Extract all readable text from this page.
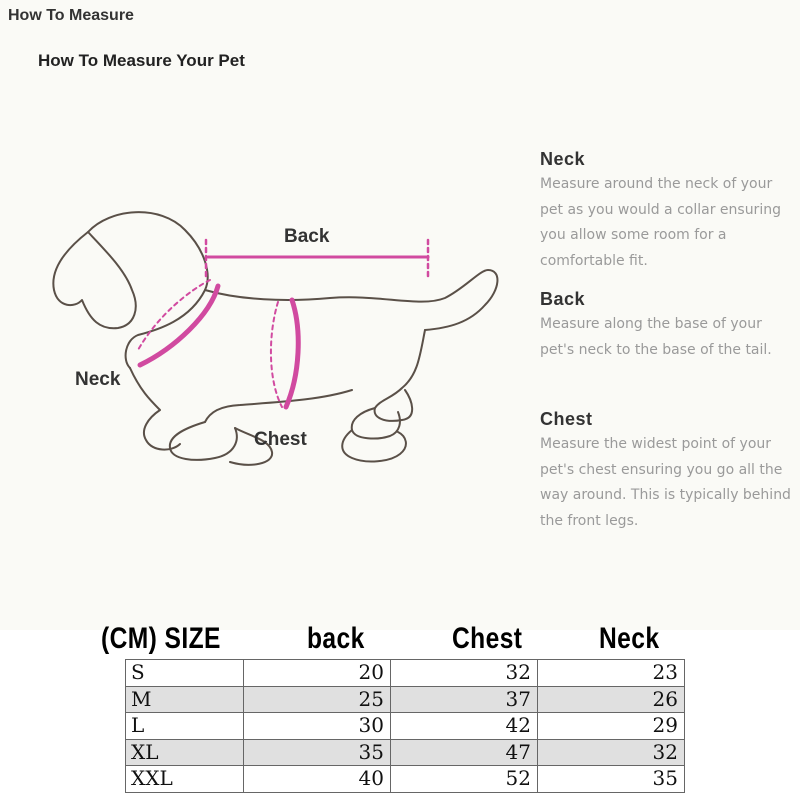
How To Measure
How To Measure Your Pet
Back
Neck
Chest
Neck

Measure around the neck of your pet as you would a collar ensuring you allow some room for a comfortable fit.

Back

Measure along the base of your pet's neck to the base of the tail.

Chest

Measure the widest point of your pet's chest ensuring you go all the way around. This is typically behind the front legs.

(CM) SIZE	back	Chest	Neck
S	20	32	23
M	25	37	26
L	30	42	29
XL	35	47	32
XXL	40	52	35
